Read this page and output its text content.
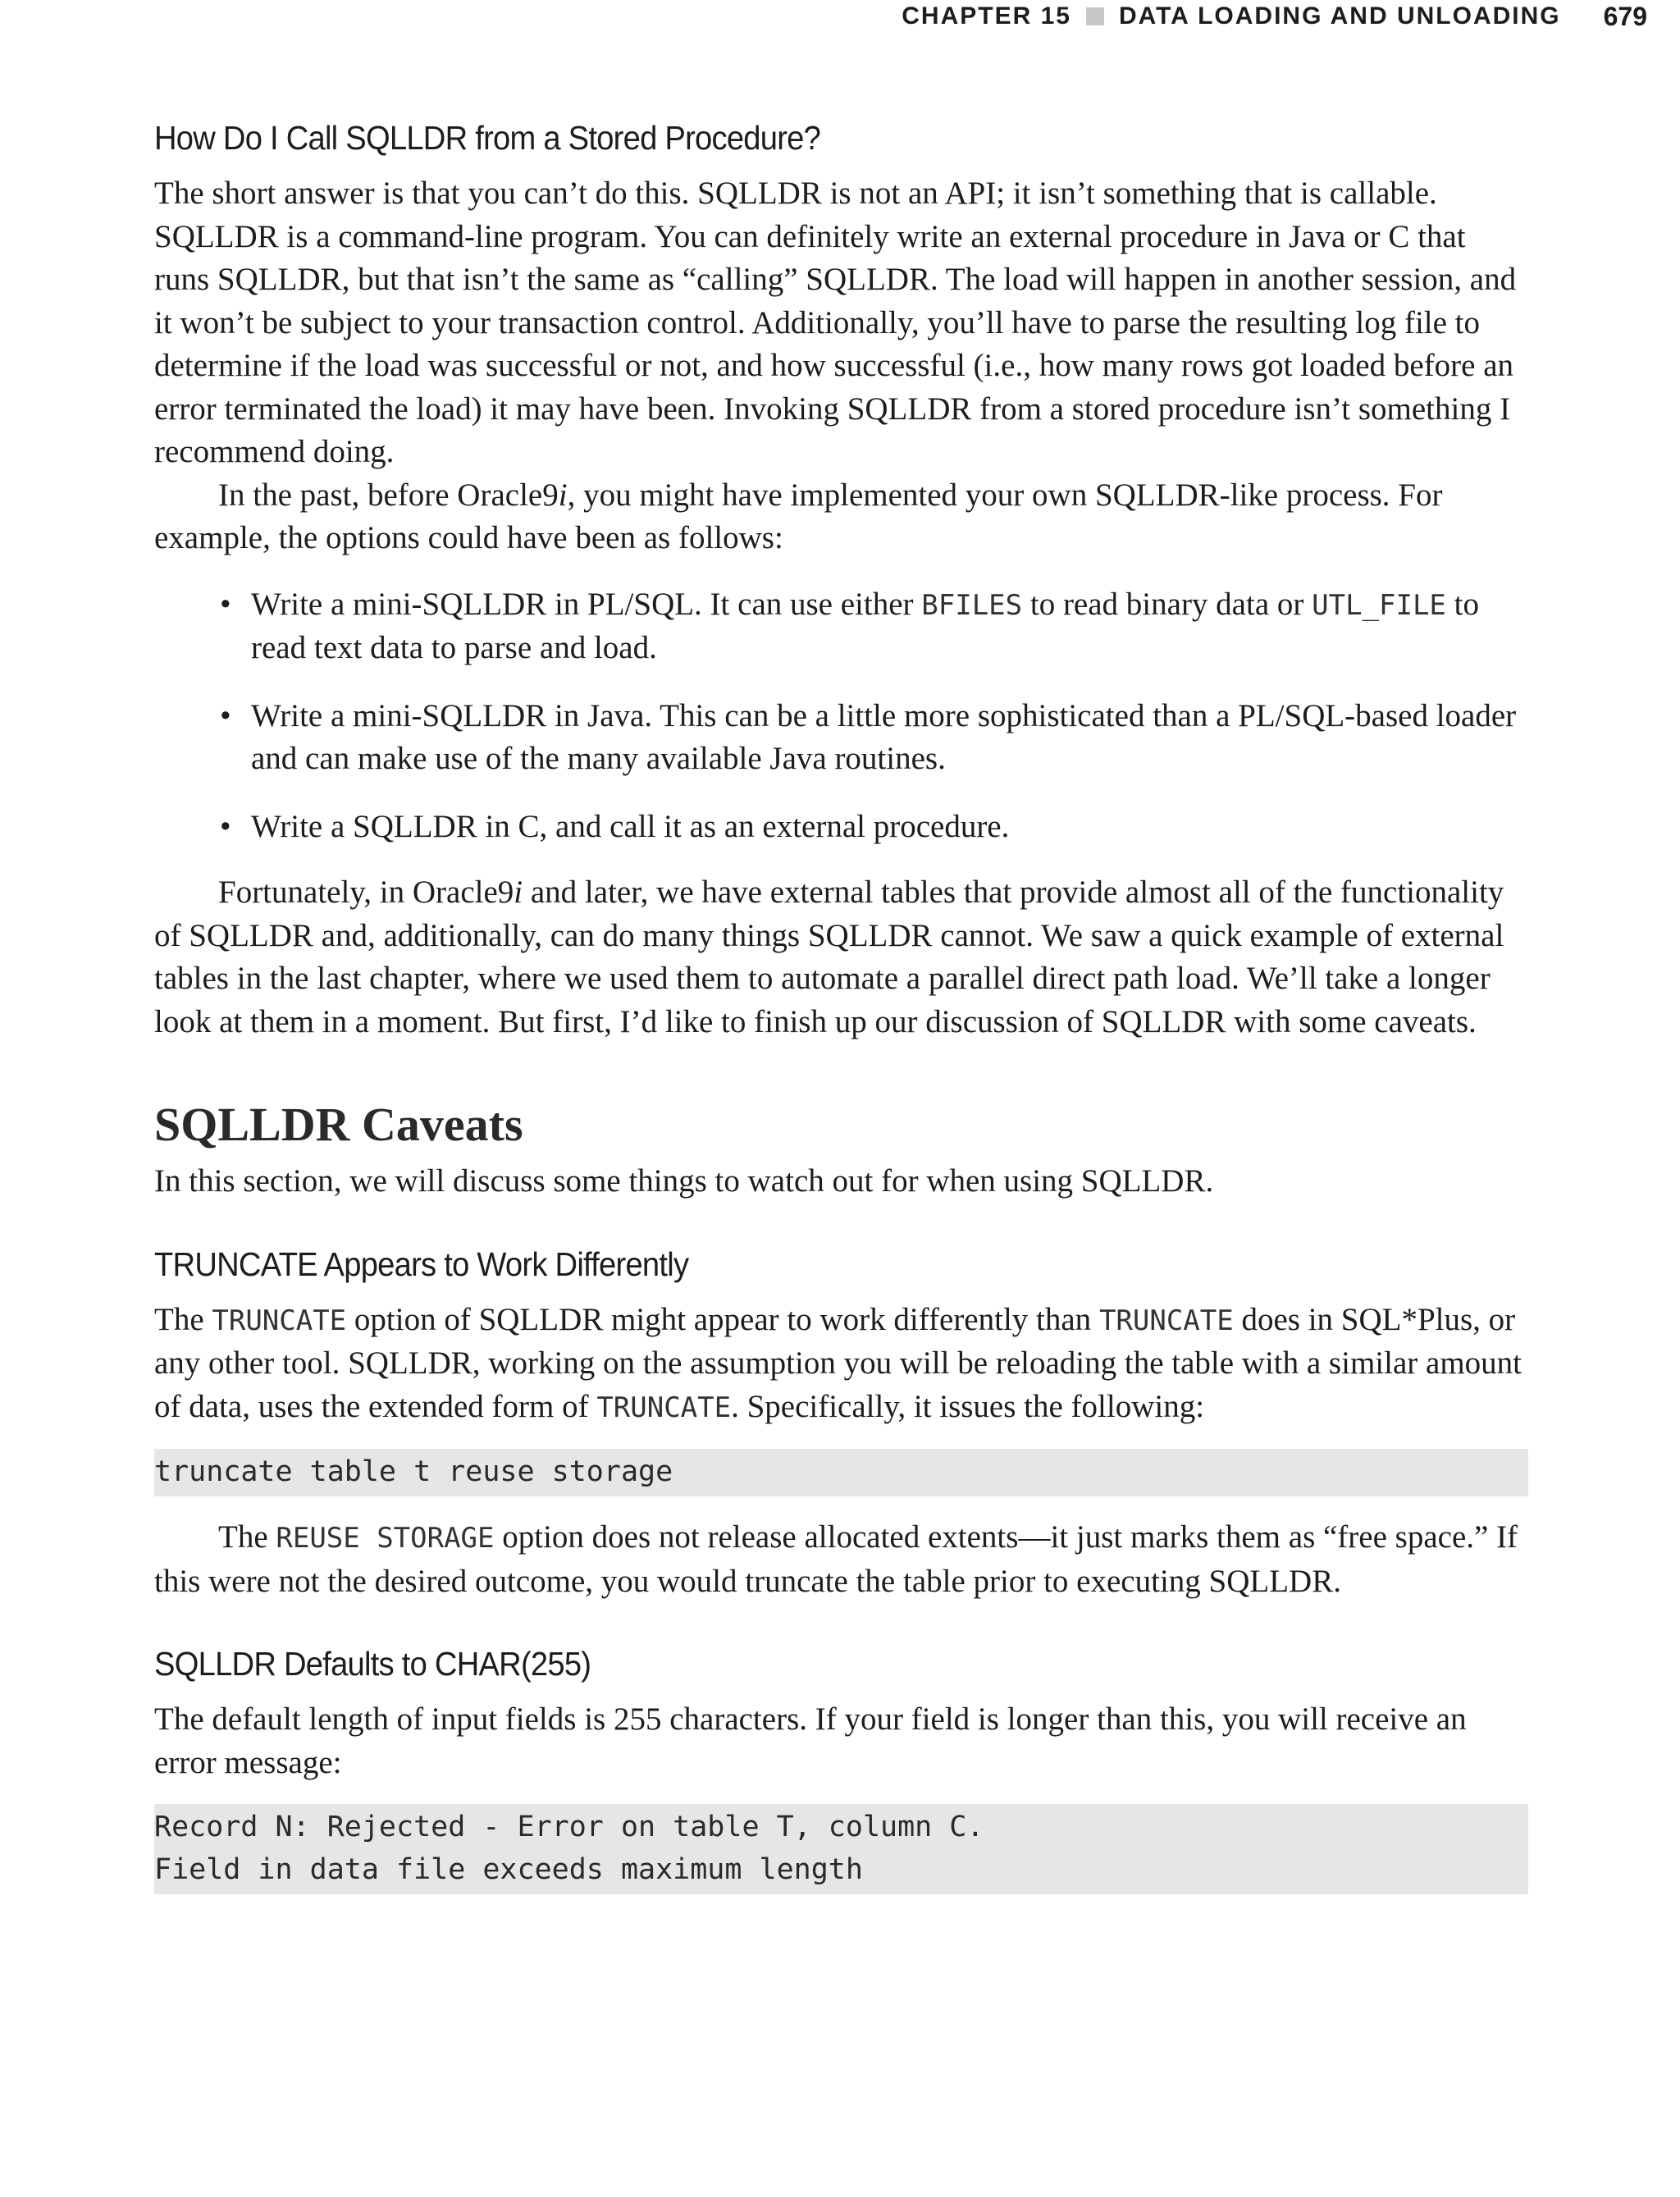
CHAPTER 15 DATA LOADING AND UNLOADING 679
How Do I Call SQLLDR from a Stored Procedure?

The short answer is that you can’t do this. SQLLDR is not an API; it isn’t something that is callable. SQLLDR is a command-line program. You can definitely write an external procedure in Java or C that runs SQLLDR, but that isn’t the same as “calling” SQLLDR. The load will happen in another session, and it won’t be subject to your transaction control. Additionally, you’ll have to parse the resulting log file to determine if the load was successful or not, and how successful (i.e., how many rows got loaded before an error terminated the load) it may have been. Invoking SQLLDR from a stored procedure isn’t something I recommend doing.

In the past, before Oracle9i, you might have implemented your own SQLLDR-like process. For example, the options could have been as follows:

• Write a mini-SQLLDR in PL/SQL. It can use either BFILES to read binary data or UTL_FILE to read text data to parse and load.
• Write a mini-SQLLDR in Java. This can be a little more sophisticated than a PL/SQL-based loader and can make use of the many available Java routines.
• Write a SQLLDR in C, and call it as an external procedure.

Fortunately, in Oracle9i and later, we have external tables that provide almost all of the functionality of SQLLDR and, additionally, can do many things SQLLDR cannot. We saw a quick example of external tables in the last chapter, where we used them to automate a parallel direct path load. We’ll take a longer look at them in a moment. But first, I’d like to finish up our discussion of SQLLDR with some caveats.

SQLLDR Caveats

In this section, we will discuss some things to watch out for when using SQLLDR.

TRUNCATE Appears to Work Differently

The TRUNCATE option of SQLLDR might appear to work differently than TRUNCATE does in SQL*Plus, or any other tool. SQLLDR, working on the assumption you will be reloading the table with a similar amount of data, uses the extended form of TRUNCATE. Specifically, it issues the following:

truncate table t reuse storage

The REUSE STORAGE option does not release allocated extents—it just marks them as “free space.” If this were not the desired outcome, you would truncate the table prior to executing SQLLDR.

SQLLDR Defaults to CHAR(255)

The default length of input fields is 255 characters. If your field is longer than this, you will receive an error message:

Record N: Rejected - Error on table T, column C.
Field in data file exceeds maximum length
